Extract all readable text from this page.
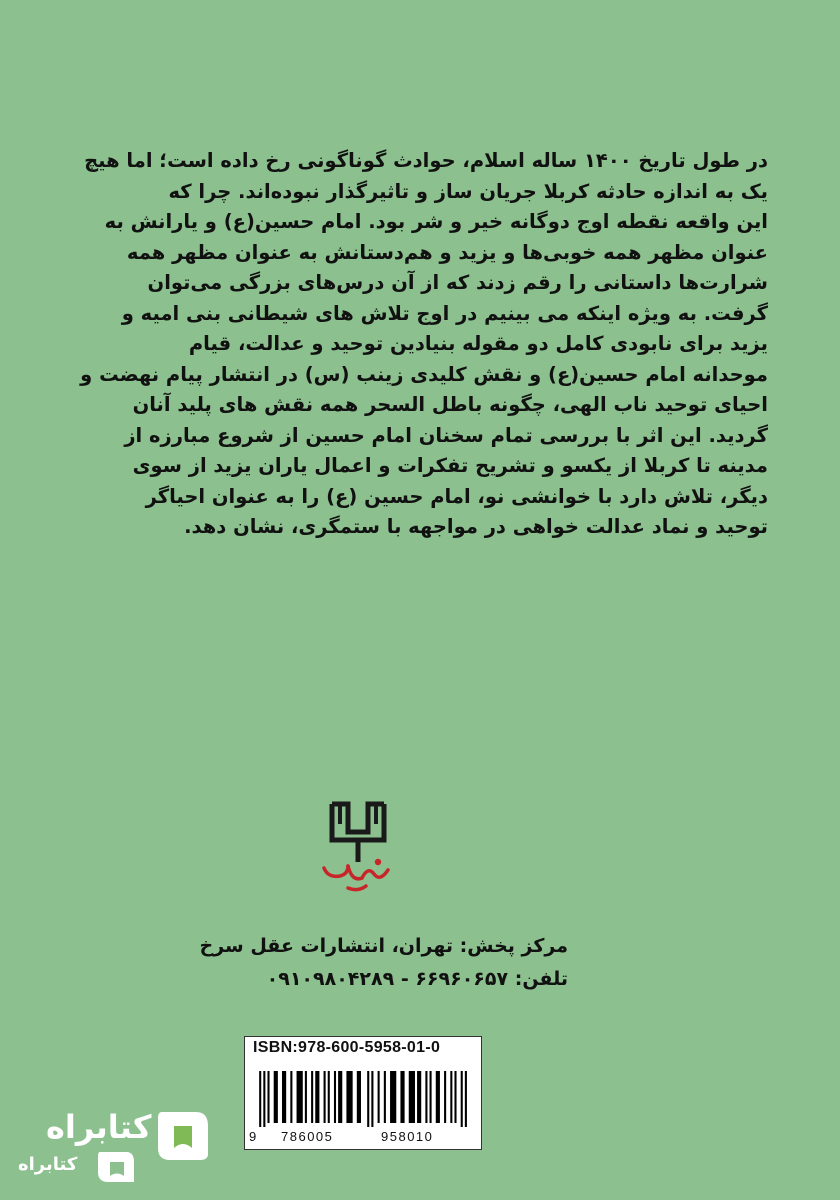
در طول تاریخ ۱۴۰۰ ساله اسلام، حوادث گوناگونی رخ داده است؛ اما هیچ
یک به اندازه حادثه کربلا جریان ساز و تاثیرگذار نبوده‌اند. چرا که
این واقعه نقطه اوج دوگانه خیر و شر بود. امام حسین(ع) و یارانش به
عنوان مظهر همه خوبی‌ها و یزید و هم‌دستانش به عنوان مظهر همه
شرارت‌ها داستانی را رقم زدند که از آن درس‌های بزرگی می‌توان
گرفت. به ویژه اینکه می بینیم در اوج تلاش های شیطانی بنی امیه و
یزید برای نابودی کامل دو مقوله بنیادین توحید و عدالت، قیام
موحدانه امام حسین(ع) و نقش کلیدی زینب (س) در انتشار پیام نهضت و
احیای توحید ناب الهی، چگونه باطل السحر همه نقش های پلید آنان
گردید. این اثر با بررسی تمام سخنان امام حسین از شروع مبارزه از
مدینه تا کربلا از یکسو و تشریح تفکرات و اعمال یاران یزید از سوی
دیگر، تلاش دارد با خوانشی نو، امام حسین (ع) را به عنوان احیاگر
توحید و نماد عدالت خواهی در مواجهه با ستمگری، نشان دهد.
مرکز پخش: تهران، انتشارات عقل سرخ
تلفن: ۶۶۹۶۰۶۵۷ - ۰۹۱۰۹۸۰۴۲۸۹
ISBN:978-600-5958-01-0
9 786005	958010
کتابراه
کتابراه
